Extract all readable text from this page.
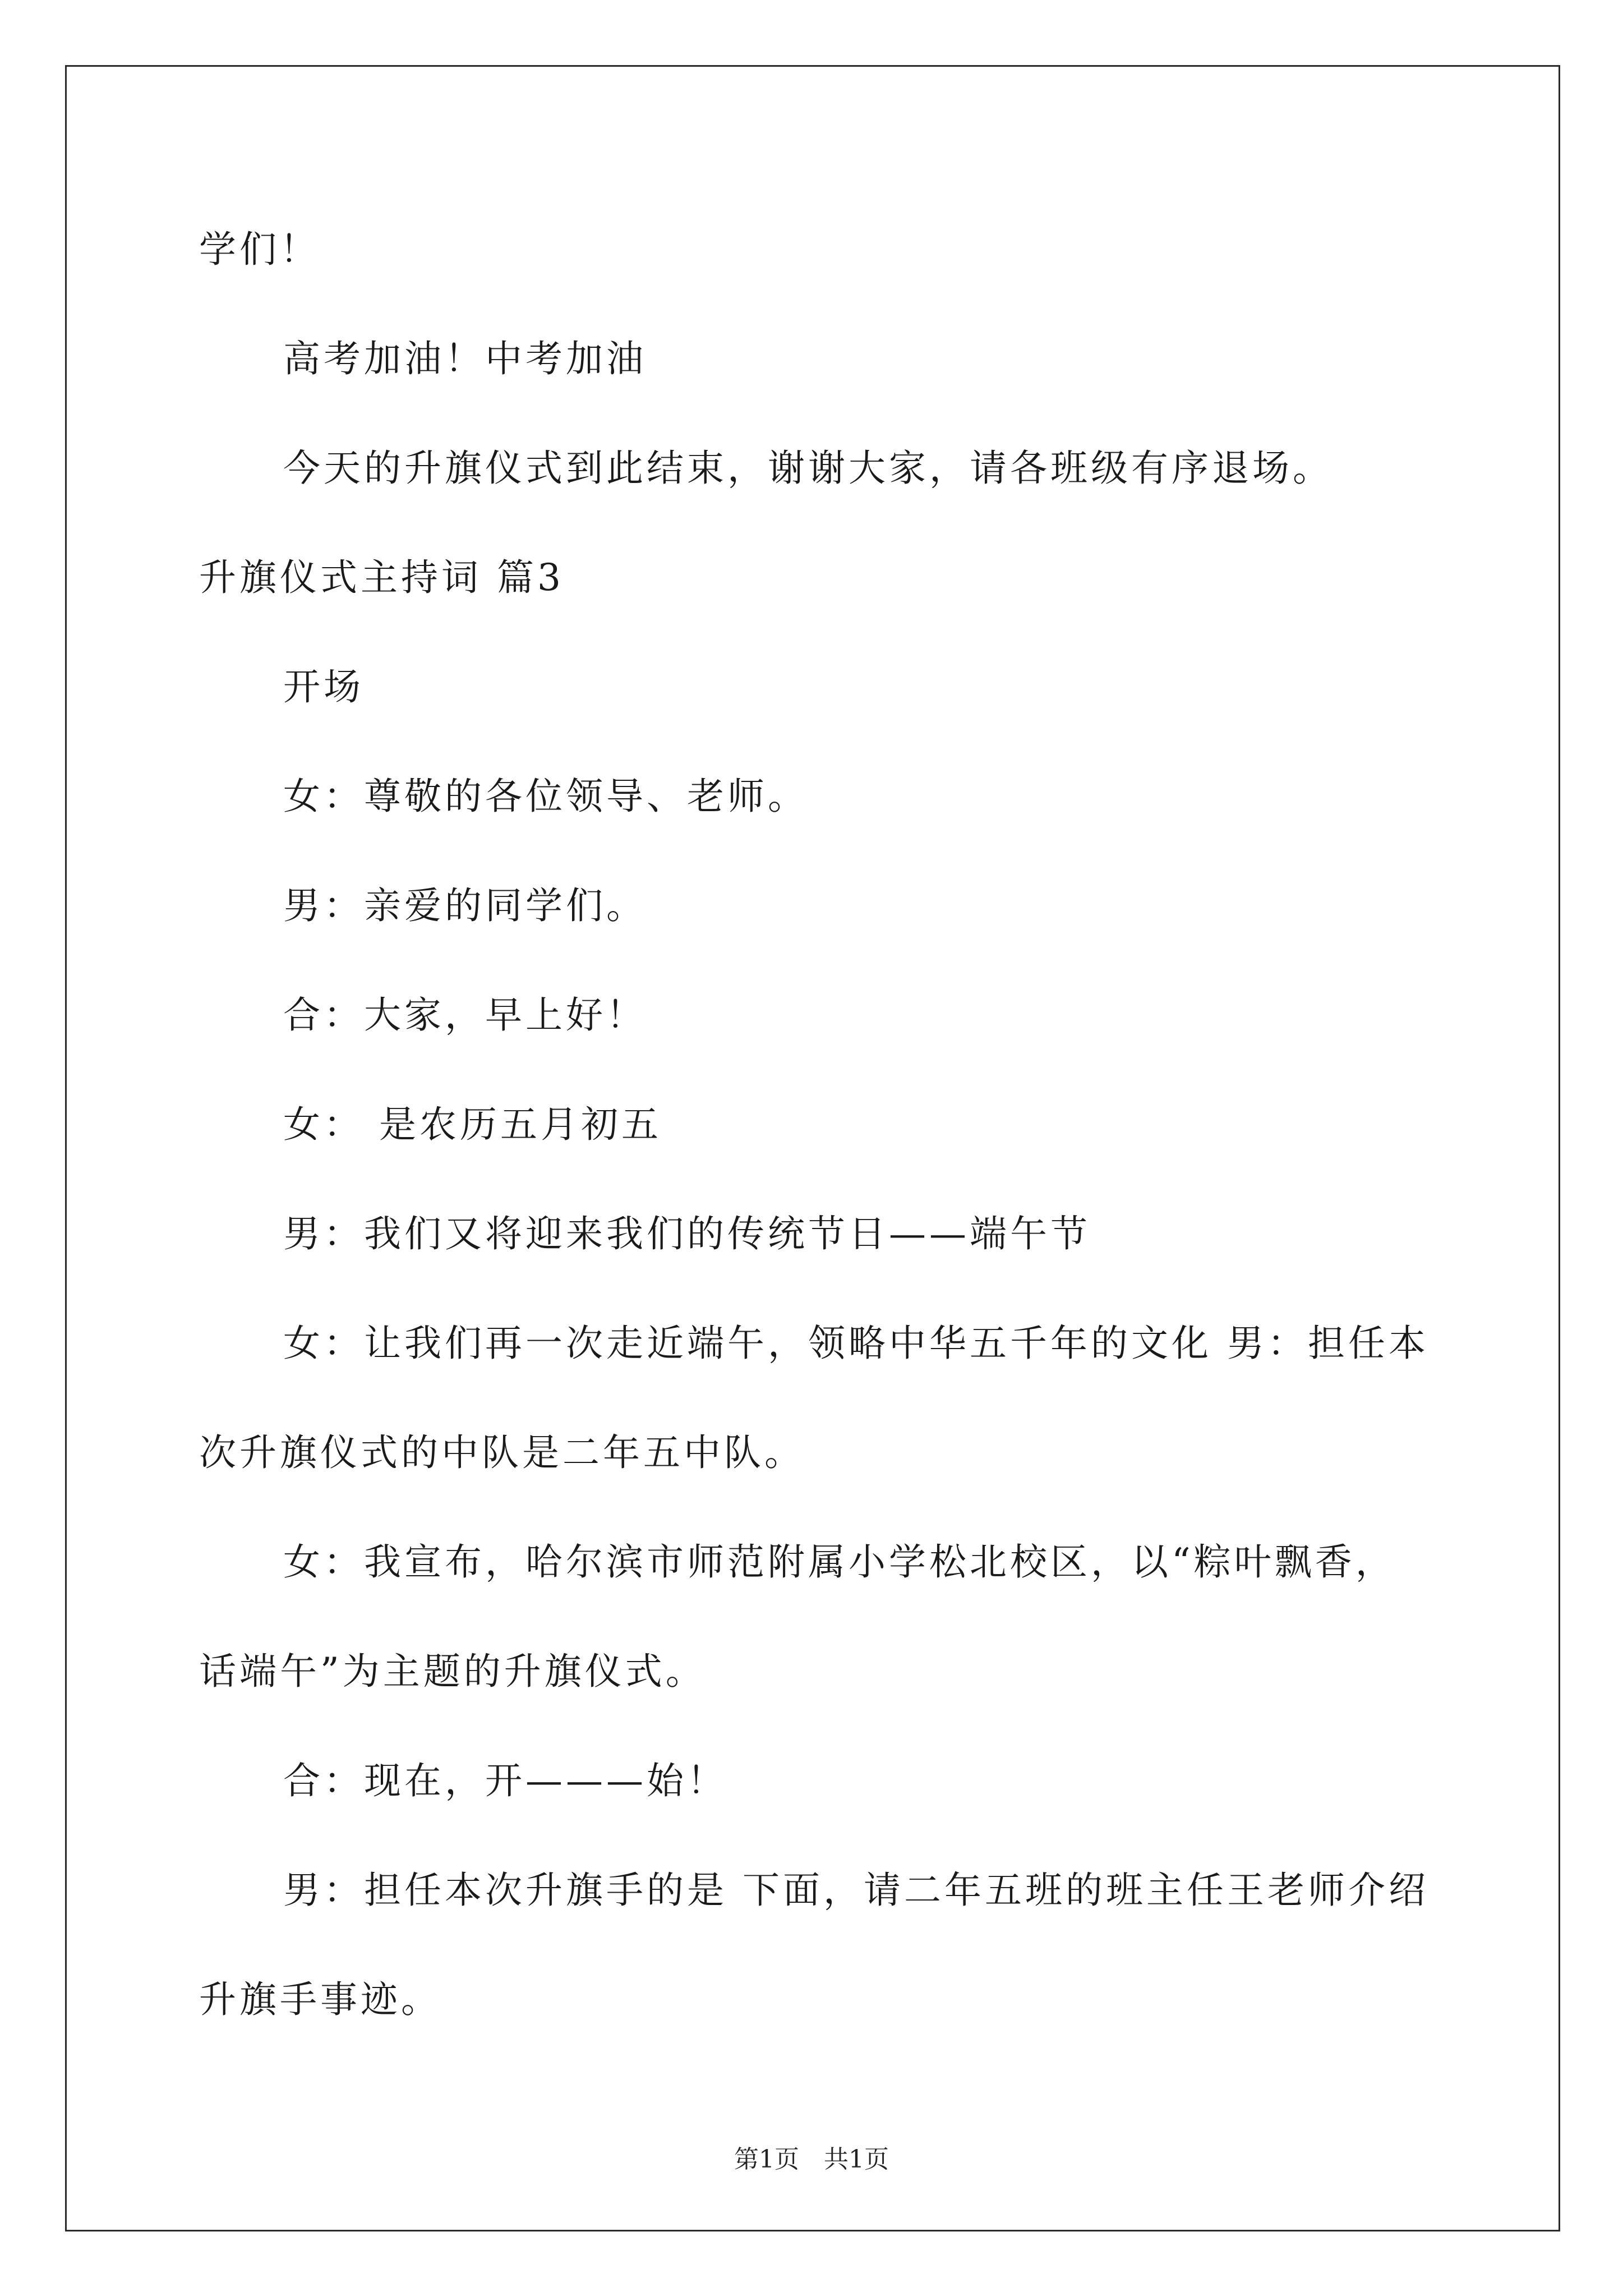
学们！
高考加油！中考加油
今天的升旗仪式到此结束，谢谢大家，请各班级有序退场。
升旗仪式主持词 篇3
开场
女：尊敬的各位领导、老师。
男：亲爱的同学们。
合：大家，早上好！
女： 是农历五月初五
男：我们又将迎来我们的传统节日——端午节
女：让我们再一次走近端午，领略中华五千年的文化 男：担任本
次升旗仪式的中队是二年五中队。
女：我宣布，哈尔滨市师范附属小学松北校区，以“粽叶飘香，
话端午”为主题的升旗仪式。
合：现在，开———始！
男：担任本次升旗手的是 下面，请二年五班的班主任王老师介绍
升旗手事迹。
第1页　共1页
